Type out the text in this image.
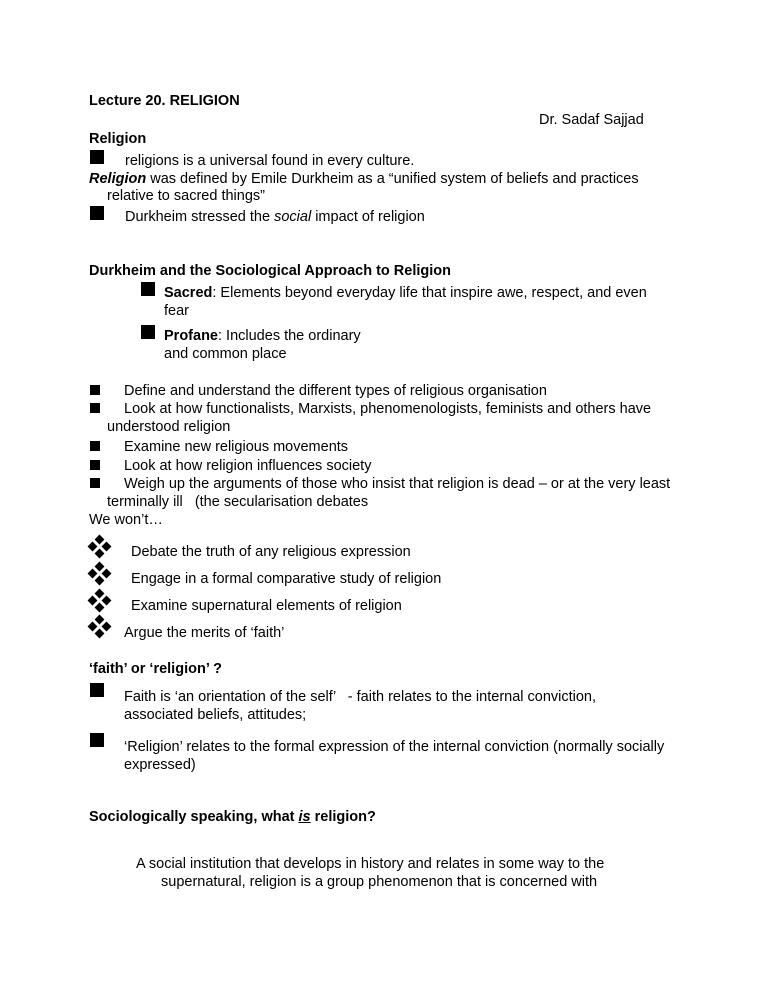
Lecture 20. RELIGION
Dr. Sadaf Sajjad
Religion
religions is a universal found in every culture.
Religion was defined by Emile Durkheim as a “unified system of beliefs and practices
relative to sacred things”
Durkheim stressed the social impact of religion
Durkheim and the Sociological Approach to Religion
Sacred: Elements beyond everyday life that inspire awe, respect, and even
fear
Profane: Includes the ordinary
and common place
Define and understand the different types of religious organisation
Look at how functionalists, Marxists, phenomenologists, feminists and others have
understood religion
Examine new religious movements
Look at how religion influences society
Weigh up the arguments of those who insist that religion is dead – or at the very least
terminally ill   (the secularisation debates
We won’t…
Debate the truth of any religious expression
Engage in a formal comparative study of religion
Examine supernatural elements of religion
Argue the merits of ‘faith’
‘faith’ or ‘religion’ ?
Faith is ‘an orientation of the self’   - faith relates to the internal conviction,
associated beliefs, attitudes;
‘Religion’ relates to the formal expression of the internal conviction (normally socially
expressed)
Sociologically speaking, what is religion?
A social institution that develops in history and relates in some way to the
supernatural, religion is a group phenomenon that is concerned with
